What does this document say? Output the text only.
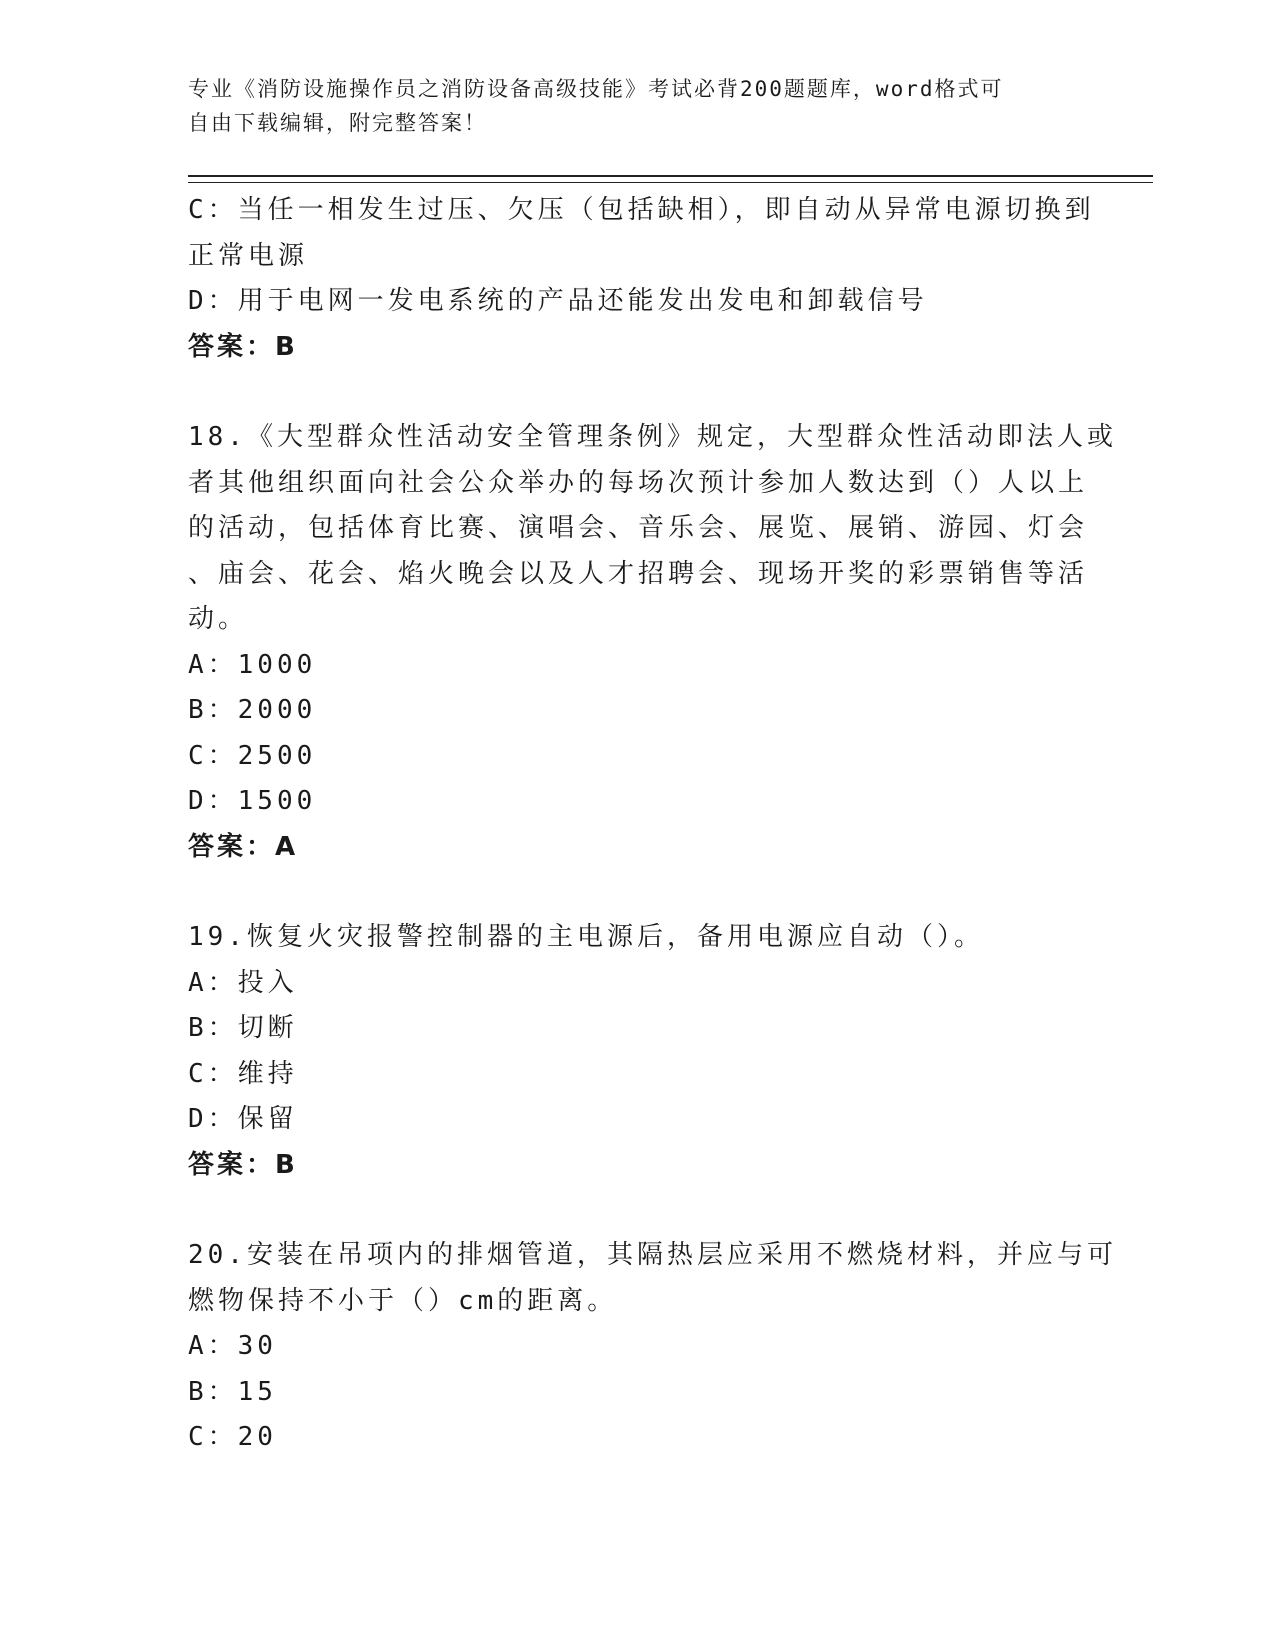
专业《消防设施操作员之消防设备高级技能》考试必背200题题库，word格式可
自由下载编辑，附完整答案！
C：当任一相发生过压、欠压（包括缺相），即自动从异常电源切换到
正常电源
D：用于电网一发电系统的产品还能发出发电和卸载信号
答案：B
18.《大型群众性活动安全管理条例》规定，大型群众性活动即法人或
者其他组织面向社会公众举办的每场次预计参加人数达到（）人以上
的活动，包括体育比赛、演唱会、音乐会、展览、展销、游园、灯会
、庙会、花会、焰火晚会以及人才招聘会、现场开奖的彩票销售等活
动。
A：1000
B：2000
C：2500
D：1500
答案：A
19.恢复火灾报警控制器的主电源后，备用电源应自动（）。
A：投入
B：切断
C：维持
D：保留
答案：B
20.安装在吊项内的排烟管道，其隔热层应采用不燃烧材料，并应与可
燃物保持不小于（）cm的距离。
A：30
B：15
C：20
